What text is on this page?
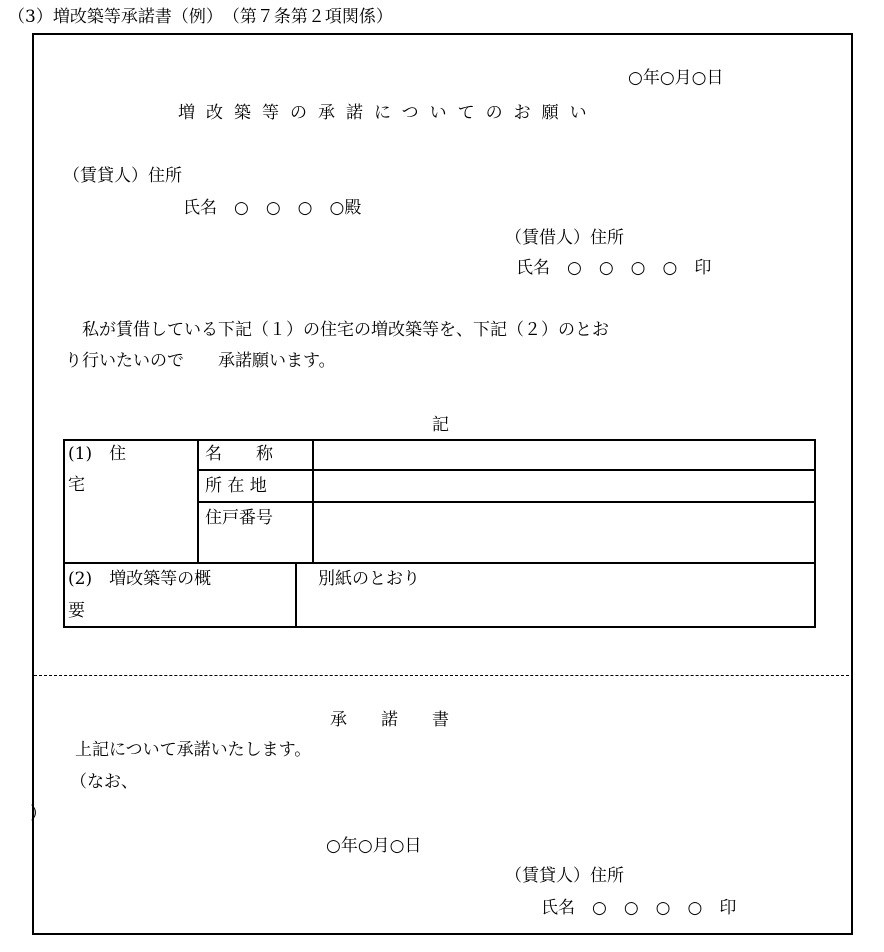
（3）増改築等承諾書（例）　（第７条第２項関係）
○年○月○日
増改築等の承諾についてのお願い
（賃貸人）住所
氏名　○　○　○　○殿
（賃借人）住所
氏名　○　○　○　○　印
　私が賃借している下記（１）の住宅の増改築等を、下記（２）のとお
り行いたいので　　承諾願います。
記
(1)　住
宅
名　　称
所 在 地
住戸番号
(2)　増改築等の概
要
別紙のとおり
承　　諾　　書
上記について承諾いたします。
（なお、
）
○年○月○日
（賃貸人）住所
氏名　○　○　○　○　印
